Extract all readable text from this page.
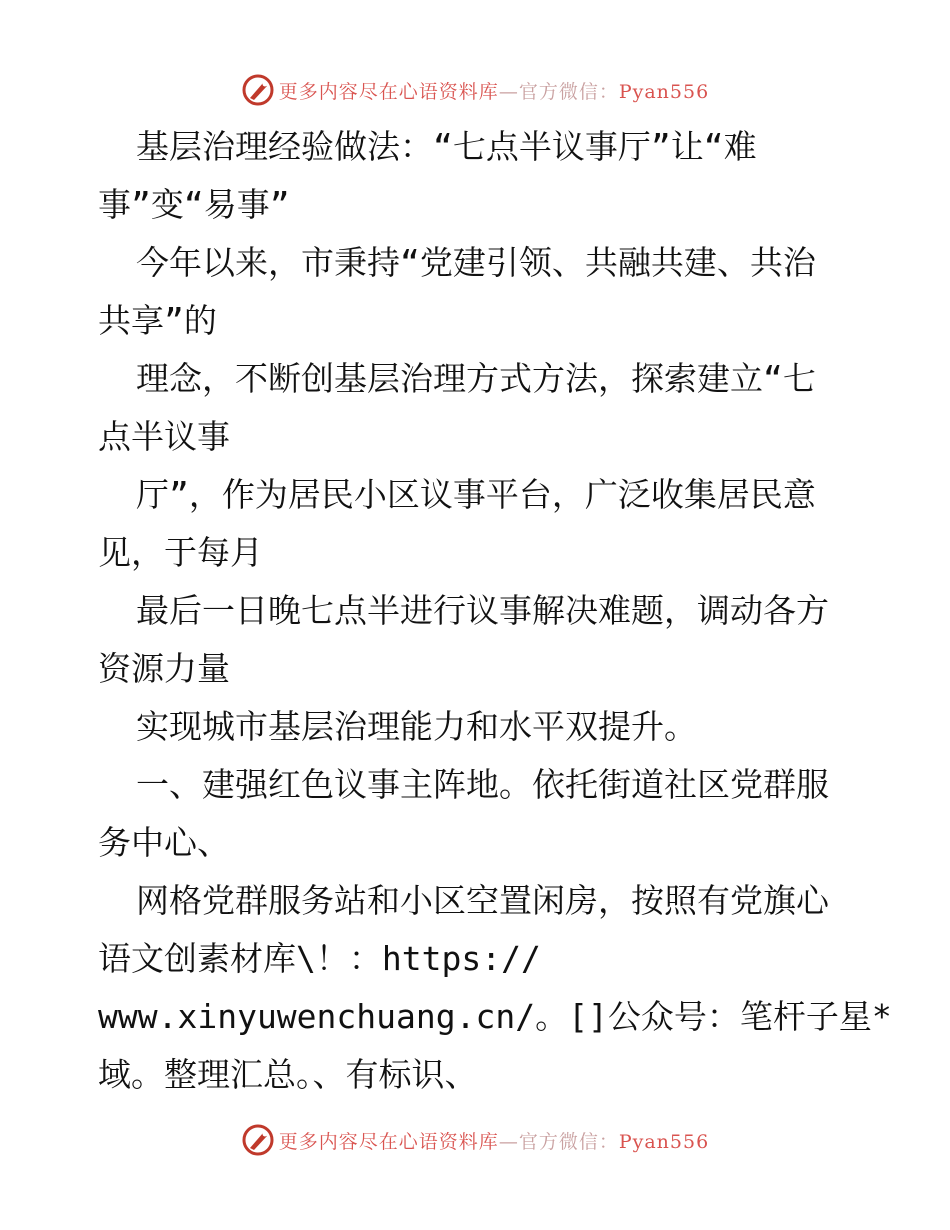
更多内容尽在心语资料库—官方微信：Pyan556
基层治理经验做法：“七点半议事厅”让“难
事”变“易事”
今年以来，市秉持“党建引领、共融共建、共治
共享”的
理念，不断创基层治理方式方法，探索建立“七
点半议事
厅”，作为居民小区议事平台，广泛收集居民意
见，于每月
最后一日晚七点半进行议事解决难题，调动各方
资源力量
实现城市基层治理能力和水平双提升。
一、建强红色议事主阵地。依托街道社区党群服
务中心、
网格党群服务站和小区空置闲房，按照有党旗心
语文创素材库\！：https://
www.xinyuwenchuang.cn/。[]公众号：笔杆子星*
域。整理汇总。、有标识、
更多内容尽在心语资料库—官方微信：Pyan556
